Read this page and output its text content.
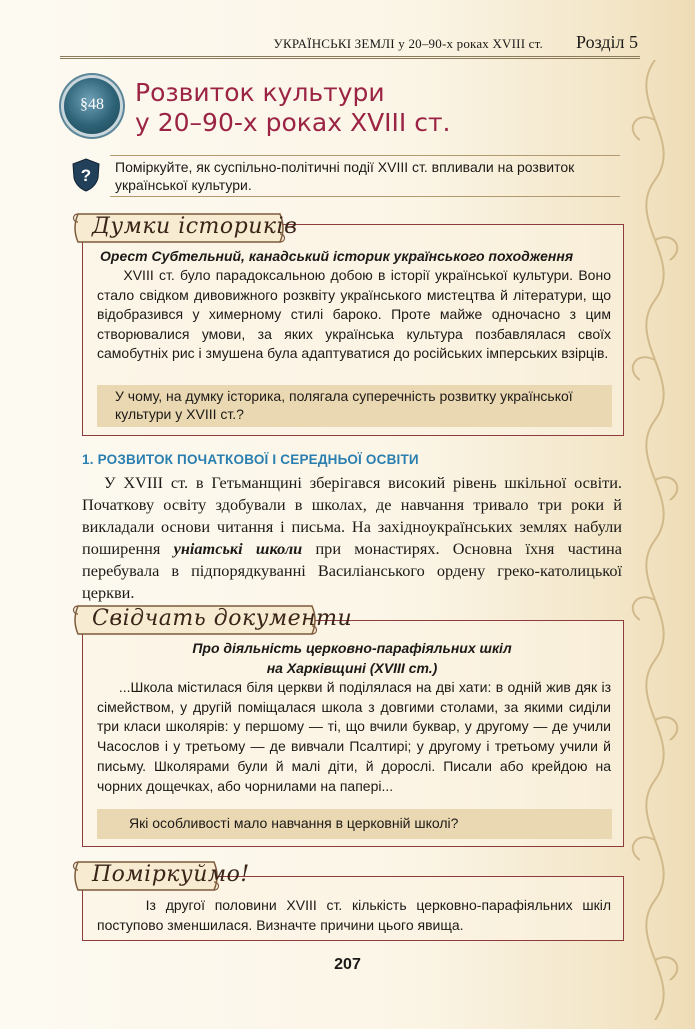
УКРАЇНСЬКІ ЗЕМЛІ у 20–90-х роках XVIII ст. Розділ 5
§48	Розвиток культури
у 20–90-х роках XVIII ст.
? Поміркуйте, як суспільно-політичні події XVIII ст. впливали на розвиток української культури.
Думки істориків
Орест Субтельний, канадський історик українського походження
XVIII ст. було парадоксальною добою в історії української культури. Воно стало свідком дивовижного розквіту українського мистецтва й літератури, що відобразився у химерному стилі бароко. Проте майже одночасно з цим створювалися умови, за яких українська культура позбавлялася своїх самобутніх рис і змушена була адаптуватися до російських імперських взірців.
У чому, на думку історика, полягала суперечність розвитку української культури у XVIII ст.?
1. РОЗВИТОК ПОЧАТКОВОЇ І СЕРЕДНЬОЇ ОСВІТИ

У XVIII ст. в Гетьманщині зберігався високий рівень шкільної освіти. Початкову освіту здобували в школах, де навчання тривало три роки й викладали основи читання і письма. На західноукраїнських землях набули поширення уніатські школи при монастирях. Основна їхня частина перебувала в підпорядкуванні Василіанського ордену греко-католицької церкви.

Свідчать документи
Про діяльність церковно-парафіяльних шкіл
на Харківщині (XVIII ст.)
...Школа містилася біля церкви й поділялася на дві хати: в одній жив дяк із сімейством, у другій поміщалася школа з довгими столами, за якими сиділи три класи школярів: у першому — ті, що вчили буквар, у другому — де учили Часослов і у третьому — де вивчали Псалтирі; у другому і третьому учили й письму. Школярами були й малі діти, й дорослі. Писали або крейдою на чорних дощечках, або чорнилами на папері...
Які особливості мало навчання в церковній школі?
Поміркуймо!
Із другої половини XVIII ст. кількість церковно-парафіяльних шкіл поступово зменшилася. Визначте причини цього явища.
207
